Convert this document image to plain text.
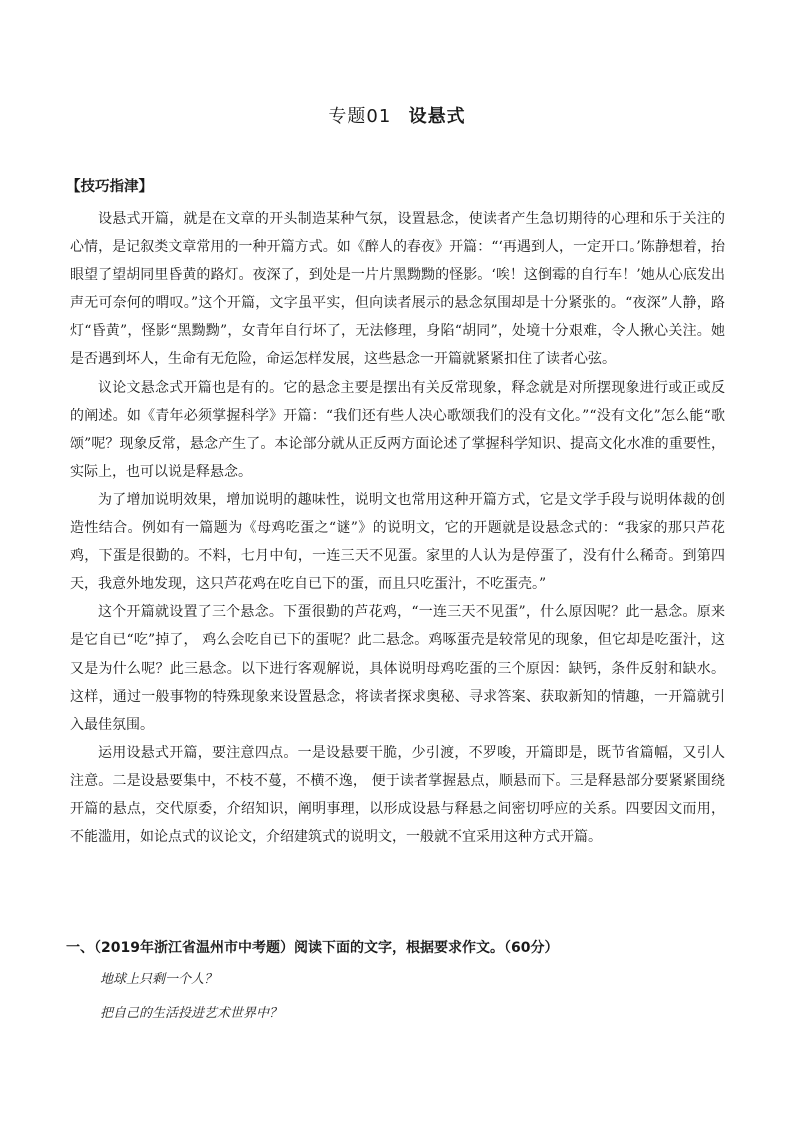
专题01 设悬式
【技巧指津】

设悬式开篇，就是在文章的开头制造某种气氛，设置悬念，使读者产生急切期待的心理和乐于关注的心情，是记叙类文章常用的一种开篇方式。如《醉人的春夜》开篇：“‘再遇到人，一定开口。’陈静想着，抬眼望了望胡同里昏黄的路灯。夜深了，到处是一片片黑黝黝的怪影。‘唉！这倒霉的自行车！’她从心底发出声无可奈何的喟叹。”这个开篇，文字虽平实，但向读者展示的悬念氛围却是十分紧张的。“夜深”人静，路灯“昏黄”，怪影“黑黝黝”，女青年自行坏了，无法修理，身陷“胡同”，处境十分艰难，令人揪心关注。她是否遇到坏人，生命有无危险，命运怎样发展，这些悬念一开篇就紧紧扣住了读者心弦。

议论文悬念式开篇也是有的。它的悬念主要是摆出有关反常现象，释念就是对所摆现象进行或正或反的阐述。如《青年必须掌握科学》开篇：“我们还有些人决心歌颂我们的没有文化。”“没有文化”怎么能“歌颂”呢？现象反常，悬念产生了。本论部分就从正反两方面论述了掌握科学知识、提高文化水准的重要性，实际上，也可以说是释悬念。

为了增加说明效果，增加说明的趣味性，说明文也常用这种开篇方式，它是文学手段与说明体裁的创造性结合。例如有一篇题为《母鸡吃蛋之“谜”》的说明文，它的开题就是设悬念式的：“我家的那只芦花鸡，下蛋是很勤的。不料，七月中旬，一连三天不见蛋。家里的人认为是停蛋了，没有什么稀奇。到第四天，我意外地发现，这只芦花鸡在吃自已下的蛋，而且只吃蛋汁，不吃蛋壳。”

这个开篇就设置了三个悬念。下蛋很勤的芦花鸡，“一连三天不见蛋”，什么原因呢？此一悬念。原来是它自已“吃”掉了， 鸡么会吃自已下的蛋呢？此二悬念。鸡啄蛋壳是较常见的现象，但它却是吃蛋汁，这又是为什么呢？此三悬念。以下进行客观解说，具体说明母鸡吃蛋的三个原因：缺钙，条件反射和缺水。这样，通过一般事物的特殊现象来设置悬念，将读者探求奥秘、寻求答案、获取新知的情趣，一开篇就引入最佳氛围。

运用设悬式开篇，要注意四点。一是设悬要干脆，少引渡，不罗唆，开篇即是，既节省篇幅，又引人注意。二是设悬要集中，不枝不蔓，不横不逸， 便于读者掌握悬点，顺悬而下。三是释悬部分要紧紧围绕开篇的悬点，交代原委，介绍知识，阐明事理，以形成设悬与释悬之间密切呼应的关系。四要因文而用，不能滥用，如论点式的议论文，介绍建筑式的说明文，一般就不宜采用这种方式开篇。

一、（2019年浙江省温州市中考题）阅读下面的文字，根据要求作文。（60分）
地球上只剩一个人？
把自己的生活投进艺术世界中？
